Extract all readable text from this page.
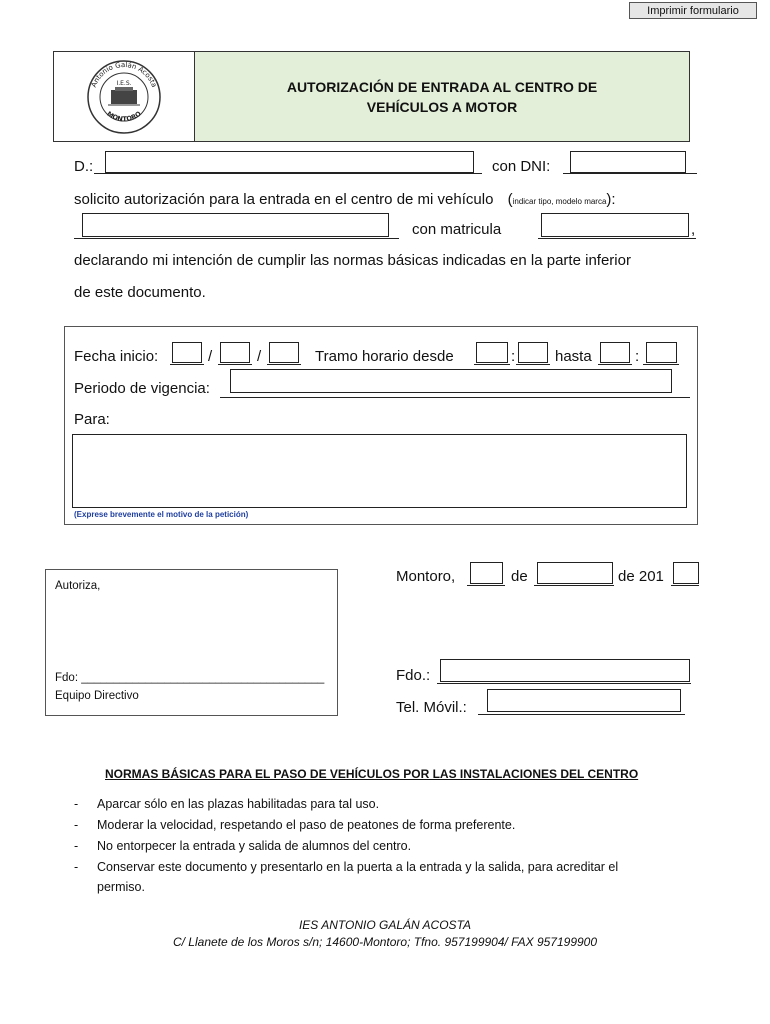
Imprimir formulario
Antonio Galán Acosta
I.E.S.
MONTORO
AUTORIZACIÓN DE ENTRADA AL CENTRO DE
VEHÍCULOS A MOTOR
D.:	con DNI:
solicito autorización para la entrada en el centro de mi vehículo (indicar tipo, modelo marca):
con matricula	,
declarando mi intención de cumplir las normas básicas indicadas en la parte inferior
de este documento.
Fecha inicio:	/	/	Tramo horario desde	:	hasta	:
Periodo de vigencia:
Para:
(Exprese brevemente el motivo de la petición)
Autoriza,
Fdo: ______________________________________
Equipo Directivo
Montoro,	de	de 201
Fdo.:
Tel. Móvil.:
NORMAS BÁSICAS PARA EL PASO DE VEHÍCULOS POR LAS INSTALACIONES DEL CENTRO
- Aparcar sólo en las plazas habilitadas para tal uso.
- Moderar la velocidad, respetando el paso de peatones de forma preferente.
- No entorpecer la entrada y salida de alumnos del centro.
- Conservar este documento y presentarlo en la puerta a la entrada y la salida, para acreditar el
permiso.
IES ANTONIO GALÁN ACOSTA
C/ Llanete de los Moros s/n; 14600-Montoro; Tfno. 957199904/ FAX 957199900
